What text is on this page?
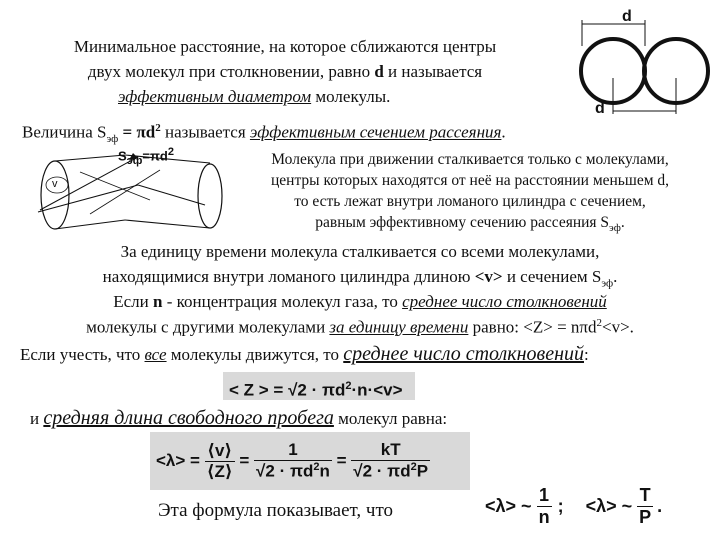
Минимальное расстояние, на которое сближаются центры
двух молекул при столкновении, равно d и называется
эффективным диаметром молекулы.
d
d
Величина $S_{эф} = \pi d^2$ называется эффективным сечением рассеяния.
$S_{эф}=\pi d^2$
v
Молекула при движении сталкивается только с молекулами,
центры которых находятся от неё на расстоянии меньшем d,
то есть лежат внутри ломаного цилиндра с сечением,
равным эффективному сечению рассеяния $S_{эф}$.
За единицу времени молекула сталкивается со всеми молекулами,
находящимися внутри ломаного цилиндра длиною <v> и сечением $S_{эф}$.
Если n - концентрация молекул газа, то среднее число столкновений
молекулы с другими молекулами за единицу времени равно: <Z> = nπd$^2$<v>.
Если учесть, что все молекулы движутся, то среднее число столкновений:
< Z > = $√2 \cdot \pi d^2\cdot n\cdot<v>$
и средняя длина свободного пробега молекул равна:
<λ> =
$\frac{⟨v⟩}{⟨Z⟩}$
=
$\frac{1}{√2 \cdot \pi d^2n}$
=
$\frac{kT}{√2 \cdot \pi d^2P}$
Эта формула показывает, что	<λ> ~
$\frac{1}{n}$ ; <λ> ~
$\frac{T}{P}$ .
